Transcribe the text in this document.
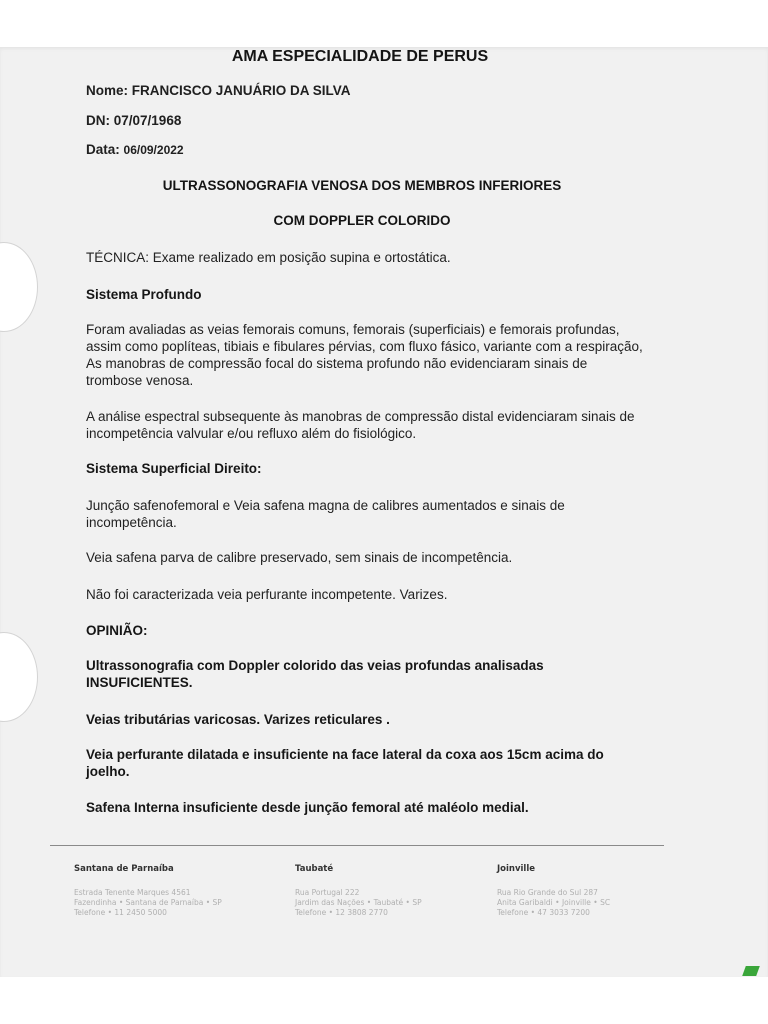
AMA ESPECIALIDADE DE PERUS
Nome: FRANCISCO JANUÁRIO DA SILVA
DN: 07/07/1968
Data: 06/09/2022
ULTRASSONOGRAFIA VENOSA DOS MEMBROS INFERIORES
COM DOPPLER COLORIDO
TÉCNICA: Exame realizado em posição supina e ortostática.
Sistema Profundo
Foram avaliadas as veias femorais comuns, femorais (superficiais) e femorais profundas, assim como poplíteas, tibiais e fibulares pérvias, com fluxo fásico, variante com a respiração, As manobras de compressão focal do sistema profundo não evidenciaram sinais de trombose venosa.
A análise espectral subsequente às manobras de compressão distal evidenciaram sinais de incompetência valvular e/ou refluxo além do fisiológico.
Sistema Superficial Direito:
Junção safenofemoral e Veia safena magna de calibres aumentados e sinais de incompetência.
Veia safena parva de calibre preservado, sem sinais de incompetência.
Não foi caracterizada veia perfurante incompetente. Varizes.
OPINIÃO:
Ultrassonografia com Doppler colorido das veias profundas analisadas INSUFICIENTES.
Veias tributárias varicosas. Varizes reticulares .
Veia perfurante dilatada e insuficiente na face lateral da coxa aos 15cm acima do joelho.
Safena Interna insuficiente desde junção femoral até maléolo medial.
Santana de Parnaíba
Estrada Tenente Marques 4561
Fazendinha • Santana de Parnaíba • SP
Telefone • 11 2450 5000
Taubaté
Rua Portugal 222
Jardim das Nações • Taubaté • SP
Telefone • 12 3808 2770
Joinville
Rua Rio Grande do Sul 287
Anita Garibaldi • Joinville • SC
Telefone • 47 3033 7200
